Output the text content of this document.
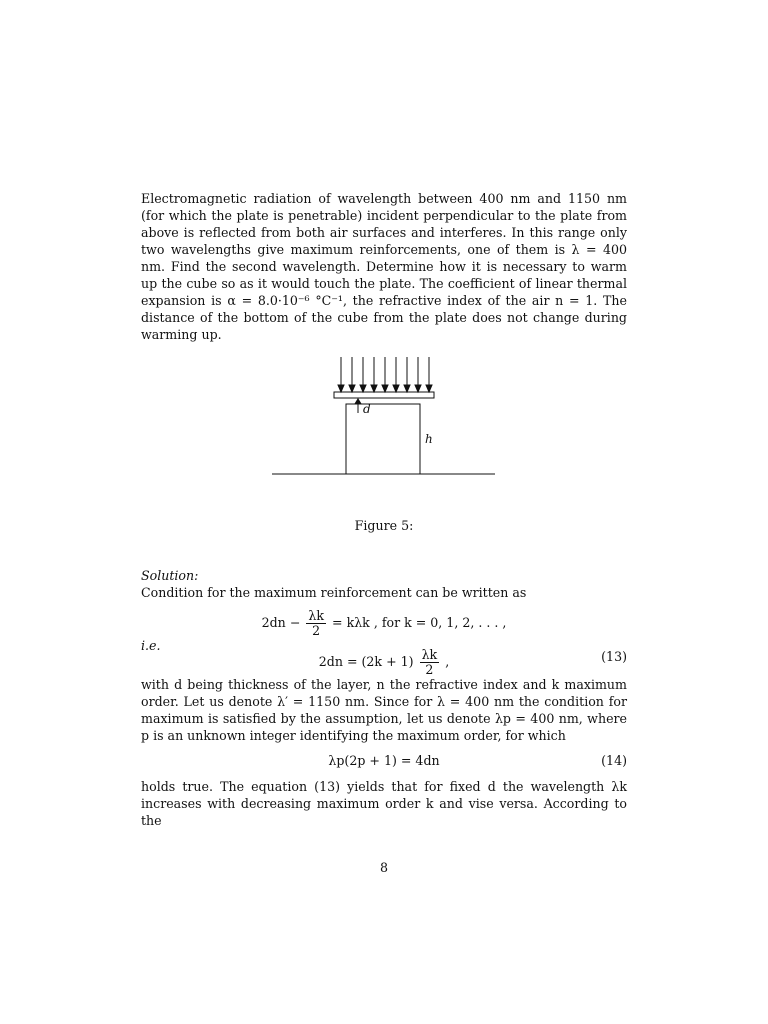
Electromagnetic radiation of wavelength between 400 nm and 1150 nm (for which the plate is penetrable) incident perpendicular to the plate from above is reflected from both air surfaces and interferes. In this range only two wavelengths give maximum reinforcements, one of them is λ = 400 nm. Find the second wavelength. Determine how it is necessary to warm up the cube so as it would touch the plate. The coefficient of linear thermal expansion is α = 8.0·10⁻⁶ °C⁻¹, the refractive index of the air n = 1. The distance of the bottom of the cube from the plate does not change during warming up.

d
h
Figure 5:
Solution:
Condition for the maximum reinforcement can be written as
$2dn - \frac{\lambda k}{2} = k\lambda k$ , for k = 0, 1, 2, . . . ,
i.e.
$2dn = (2k + 1) \frac{\lambda k}{2}$ ,	(13)

with d being thickness of the layer, n the refractive index and k maximum order. Let us denote λ′ = 1150 nm. Since for λ = 400 nm the condition for maximum is satisfied by the assumption, let us denote λp = 400 nm, where p is an unknown integer identifying the maximum order, for which

λp(2p + 1) = 4dn	(14)

holds true. The equation (13) yields that for fixed d the wavelength λk increases with decreasing maximum order k and vise versa. According to the

8
